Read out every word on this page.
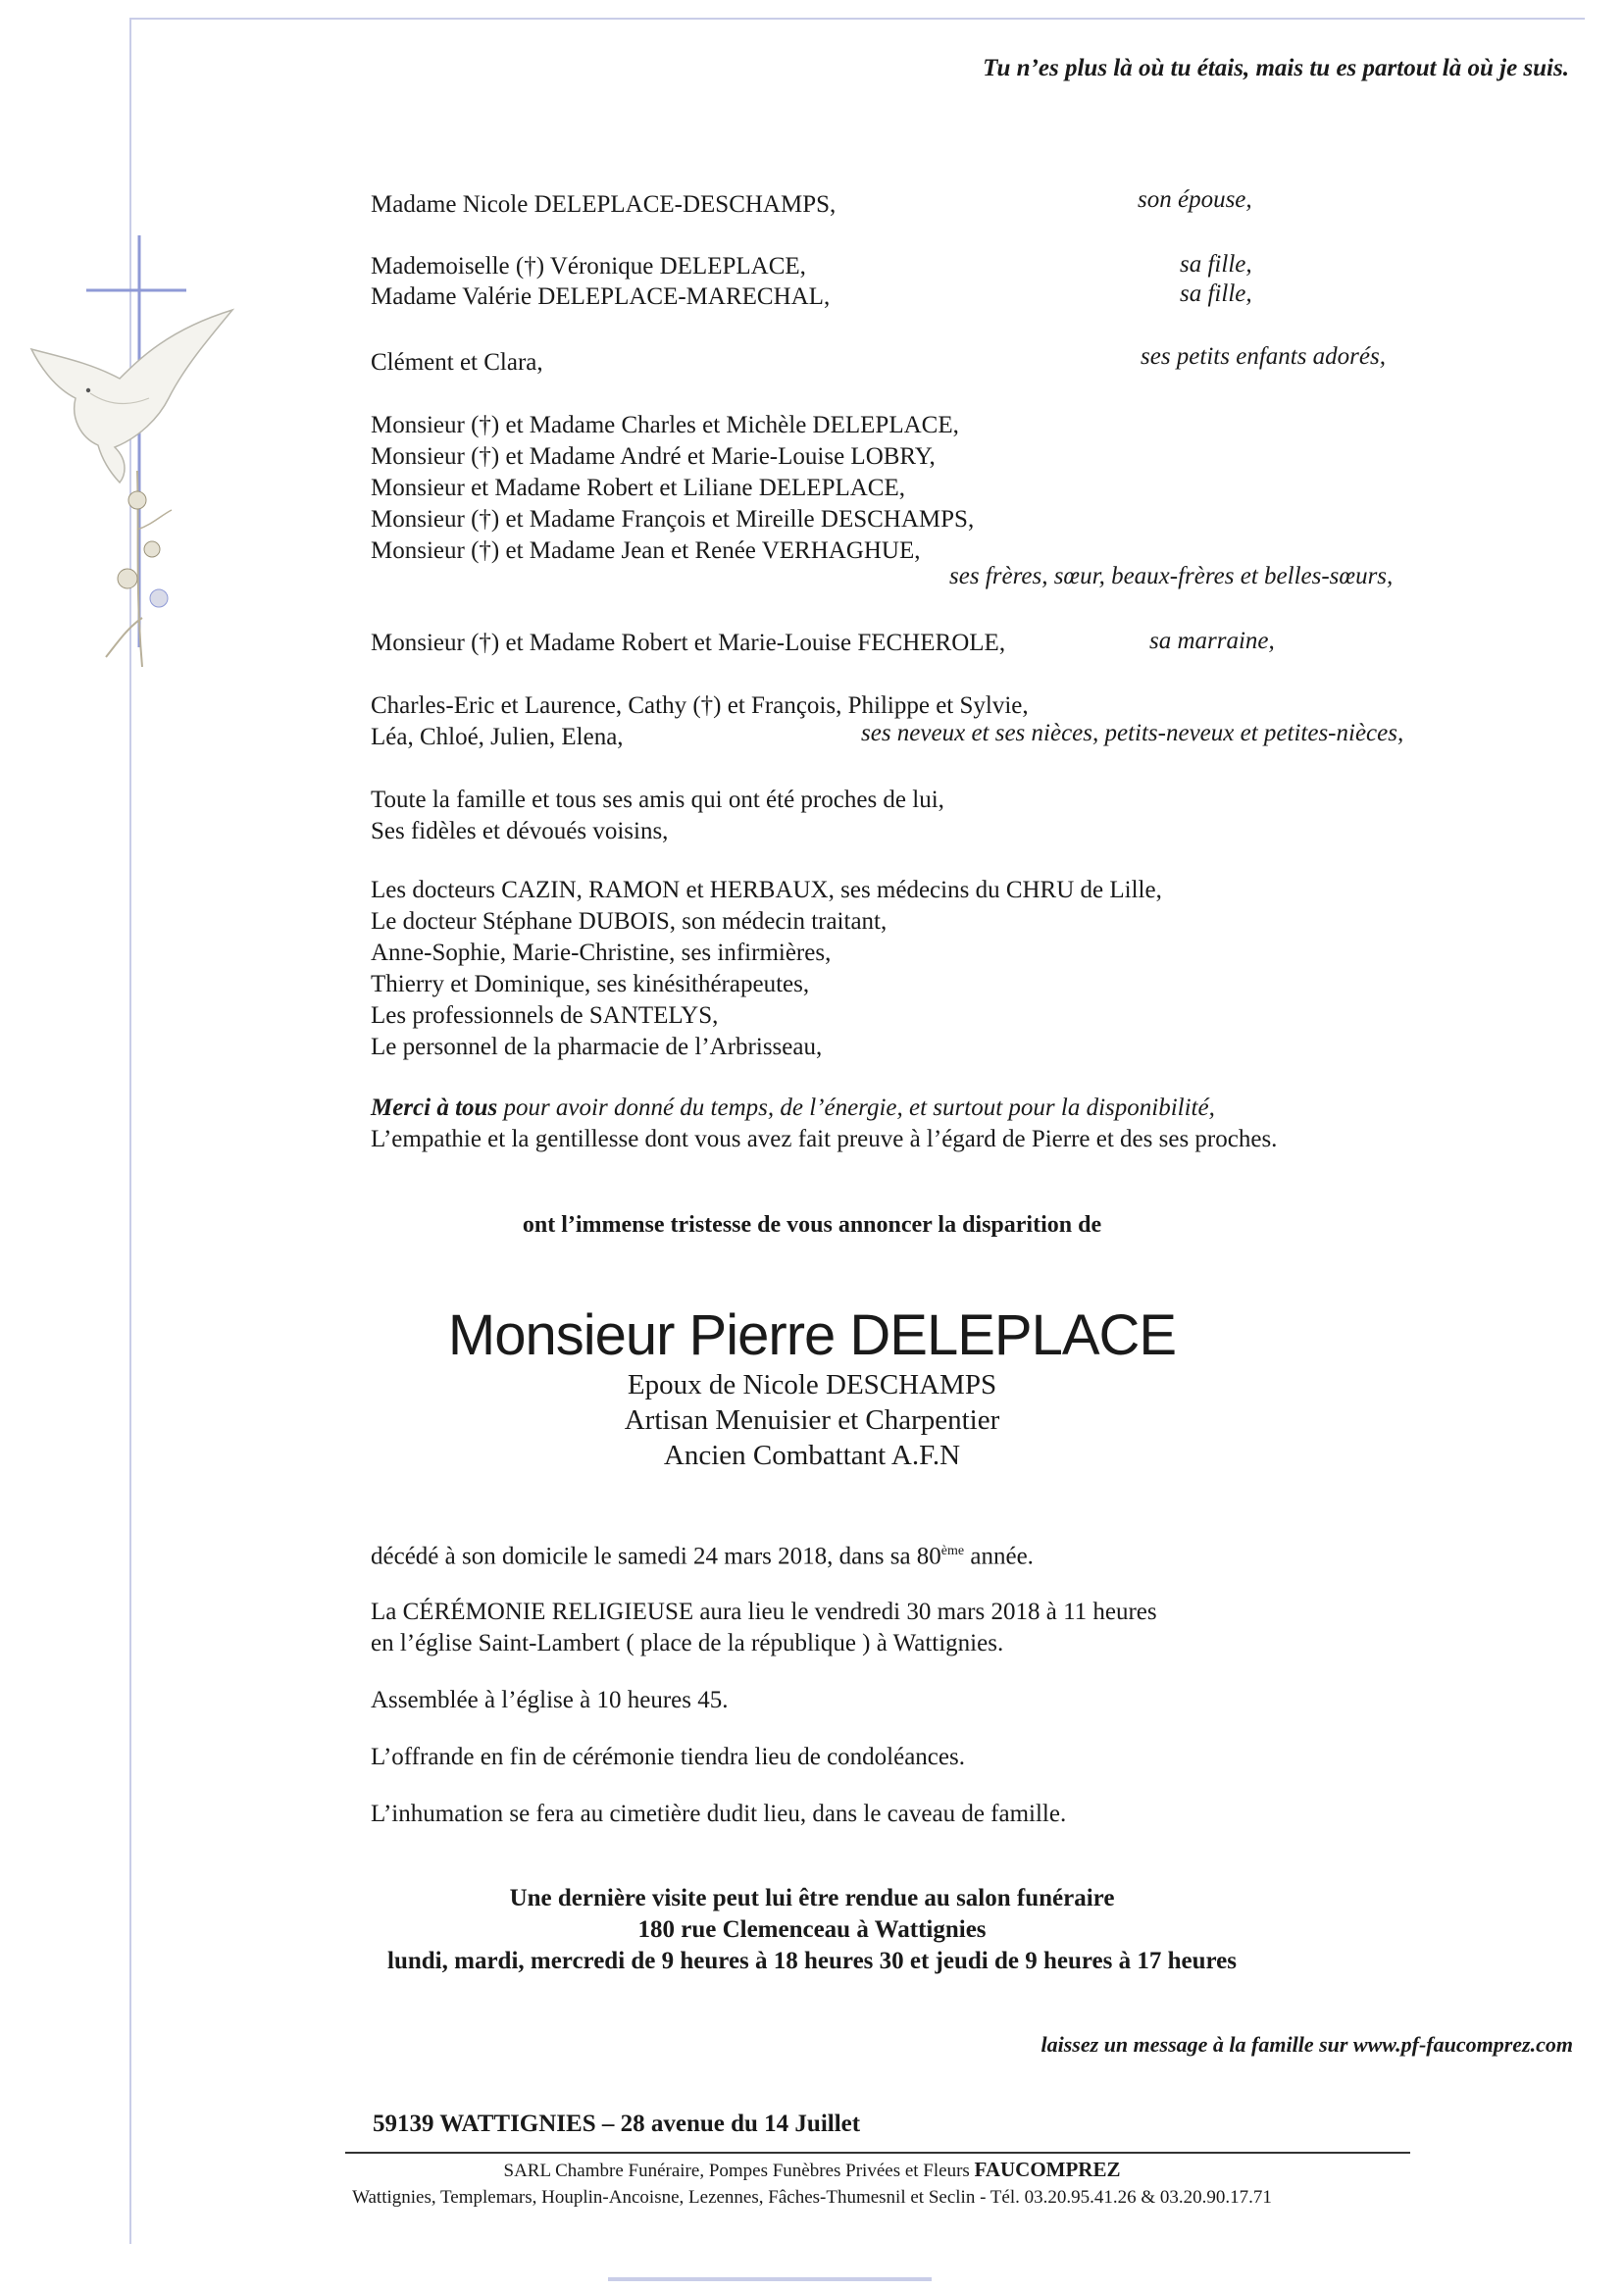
Tu n’es plus là où tu étais, mais tu es partout là où je suis.
Madame Nicole DELEPLACE-DESCHAMPS,	son épouse,
Mademoiselle (†) Véronique DELEPLACE,	sa fille,
Madame Valérie DELEPLACE-MARECHAL,	sa fille,
Clément et Clara,	ses petits enfants adorés,
Monsieur (†) et Madame Charles et Michèle DELEPLACE,
Monsieur (†) et Madame André et Marie-Louise LOBRY,
Monsieur et Madame Robert et Liliane DELEPLACE,
Monsieur (†) et Madame François et Mireille DESCHAMPS,
Monsieur (†) et Madame Jean et Renée VERHAGHUE,
ses frères, sœur, beaux-frères et belles-sœurs,
Monsieur (†) et Madame Robert et Marie-Louise FECHEROLE,	sa marraine,
Charles-Eric et Laurence, Cathy (†) et François, Philippe et Sylvie,
Léa, Chloé, Julien, Elena,	ses neveux et ses nièces, petits-neveux et petites-nièces,
Toute la famille et tous ses amis qui ont été proches de lui,
Ses fidèles et dévoués voisins,
Les docteurs CAZIN, RAMON et HERBAUX, ses médecins du CHRU de Lille,
Le docteur Stéphane DUBOIS, son médecin traitant,
Anne-Sophie, Marie-Christine, ses infirmières,
Thierry et Dominique, ses kinésithérapeutes,
Les professionnels de SANTELYS,
Le personnel de la pharmacie de l’Arbrisseau,
Merci à tous pour avoir donné du temps, de l’énergie, et surtout pour la disponibilité,
L’empathie et la gentillesse dont vous avez fait preuve à l’égard de Pierre et des ses proches.
ont l’immense tristesse de vous annoncer la disparition de
Monsieur Pierre DELEPLACE
Epoux de Nicole DESCHAMPS
Artisan Menuisier et Charpentier
Ancien Combattant A.F.N
décédé à son domicile le samedi 24 mars 2018, dans sa 80ème année.
La CÉRÉMONIE RELIGIEUSE aura lieu le vendredi 30 mars 2018 à 11 heures
en l’église Saint-Lambert ( place de la république ) à Wattignies.
Assemblée à l’église à 10 heures 45.
L’offrande en fin de cérémonie tiendra lieu de condoléances.
L’inhumation se fera au cimetière dudit lieu, dans le caveau de famille.
Une dernière visite peut lui être rendue au salon funéraire
180 rue Clemenceau à Wattignies
lundi, mardi, mercredi de 9 heures à 18 heures 30 et jeudi de 9 heures à 17 heures
laissez un message à la famille sur www.pf-faucomprez.com
59139 WATTIGNIES – 28 avenue du 14 Juillet
SARL Chambre Funéraire, Pompes Funèbres Privées et Fleurs FAUCOMPREZ
Wattignies, Templemars, Houplin-Ancoisne, Lezennes, Fâches-Thumesnil et Seclin - Tél. 03.20.95.41.26 & 03.20.90.17.71
